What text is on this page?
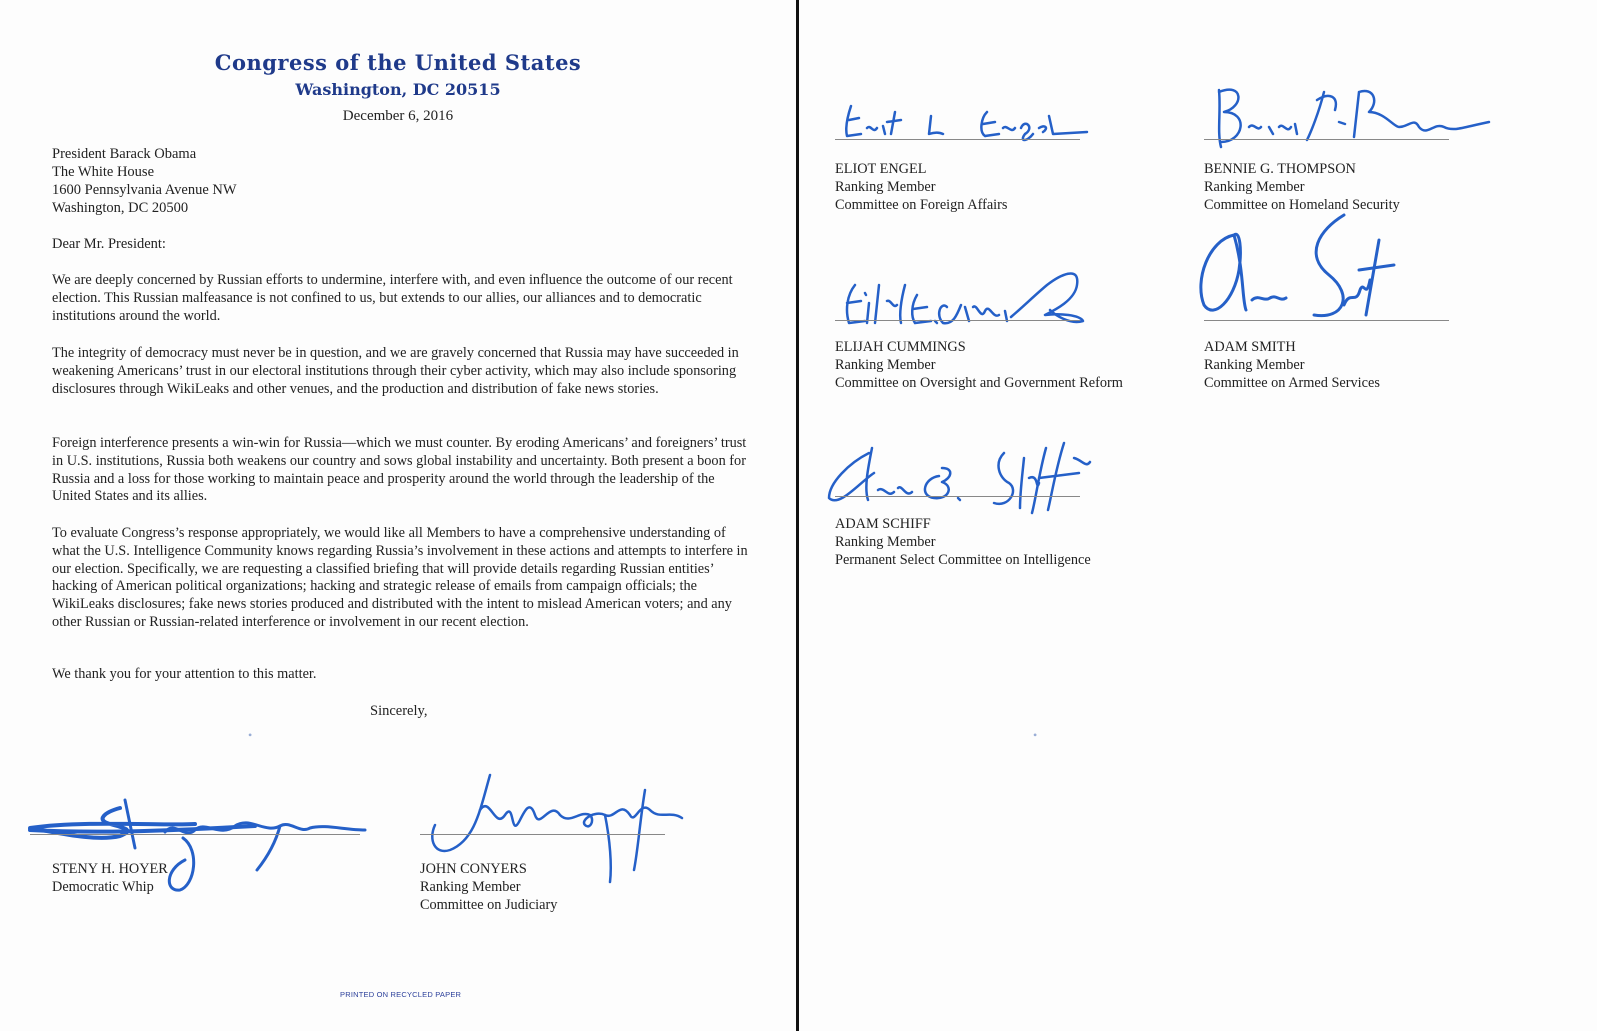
Congress of the United States
Washington, DC 20515
December 6, 2016
President Barack Obama
The White House
1600 Pennsylvania Avenue NW
Washington, DC 20500
Dear Mr. President:

We are deeply concerned by Russian efforts to undermine, interfere with, and even influence the outcome of our recent election. This Russian malfeasance is not confined to us, but extends to our allies, our alliances and to democratic institutions around the world.

The integrity of democracy must never be in question, and we are gravely concerned that Russia may have succeeded in weakening Americans’ trust in our electoral institutions through their cyber activity, which may also include sponsoring disclosures through WikiLeaks and other venues, and the production and distribution of fake news stories.

Foreign interference presents a win-win for Russia—which we must counter. By eroding Americans’ and foreigners’ trust in U.S. institutions, Russia both weakens our country and sows global instability and uncertainty. Both present a boon for Russia and a loss for those working to maintain peace and prosperity around the world through the leadership of the United States and its allies.

To evaluate Congress’s response appropriately, we would like all Members to have a comprehensive understanding of what the U.S. Intelligence Community knows regarding Russia’s involvement in these actions and attempts to interfere in our election. Specifically, we are requesting a classified briefing that will provide details regarding Russian entities’ hacking of American political organizations; hacking and strategic release of emails from campaign officials; the WikiLeaks disclosures; fake news stories produced and distributed with the intent to mislead American voters; and any other Russian or Russian-related interference or involvement in our recent election.

We thank you for your attention to this matter.

Sincerely,
STENY H. HOYER
Democratic Whip
JOHN CONYERS
Ranking Member
Committee on Judiciary
PRINTED ON RECYCLED PAPER
•
ELIOT ENGEL
Ranking Member
Committee on Foreign Affairs
BENNIE G. THOMPSON
Ranking Member
Committee on Homeland Security
ELIJAH CUMMINGS
Ranking Member
Committee on Oversight and Government Reform
ADAM SMITH
Ranking Member
Committee on Armed Services
ADAM SCHIFF
Ranking Member
Permanent Select Committee on Intelligence
•
